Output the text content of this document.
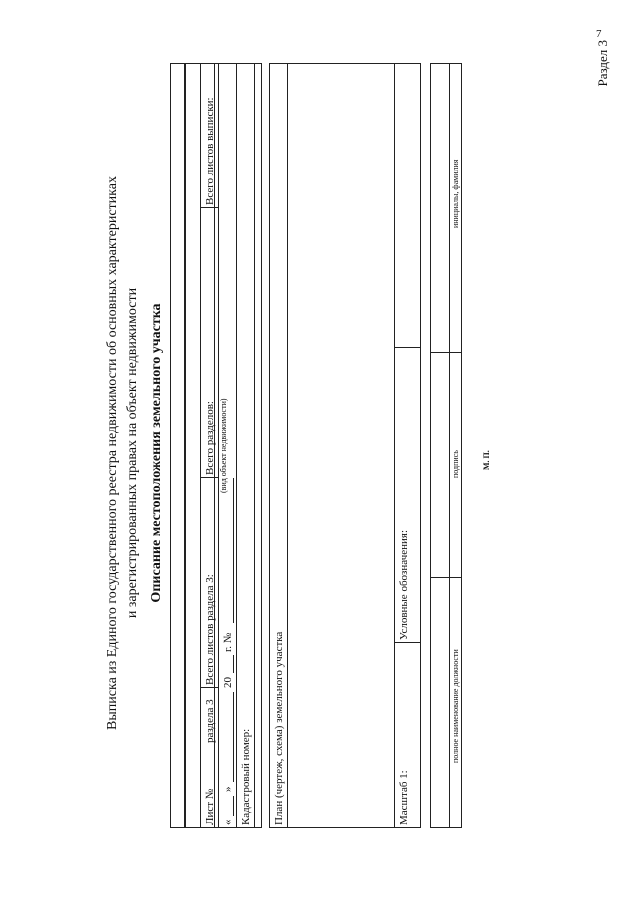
7
Раздел 3
Выписка из Единого государственного реестра недвижимости об основных характеристиках и зарегистрированных правах на объект недвижимости Описание местоположения земельного участка	(вид объект недвижимости)
Лист №
раздела 3
Всего листов раздела 3:
Всего разделов:
Всего листов выписки:
«
»
20
г. №
Кадастровый номер: План (чертеж, схема) земельного участка	Масштаб 1:
Условные обозначения:
полное наименование должности
подпись
инициалы, фамилия
М. П.
